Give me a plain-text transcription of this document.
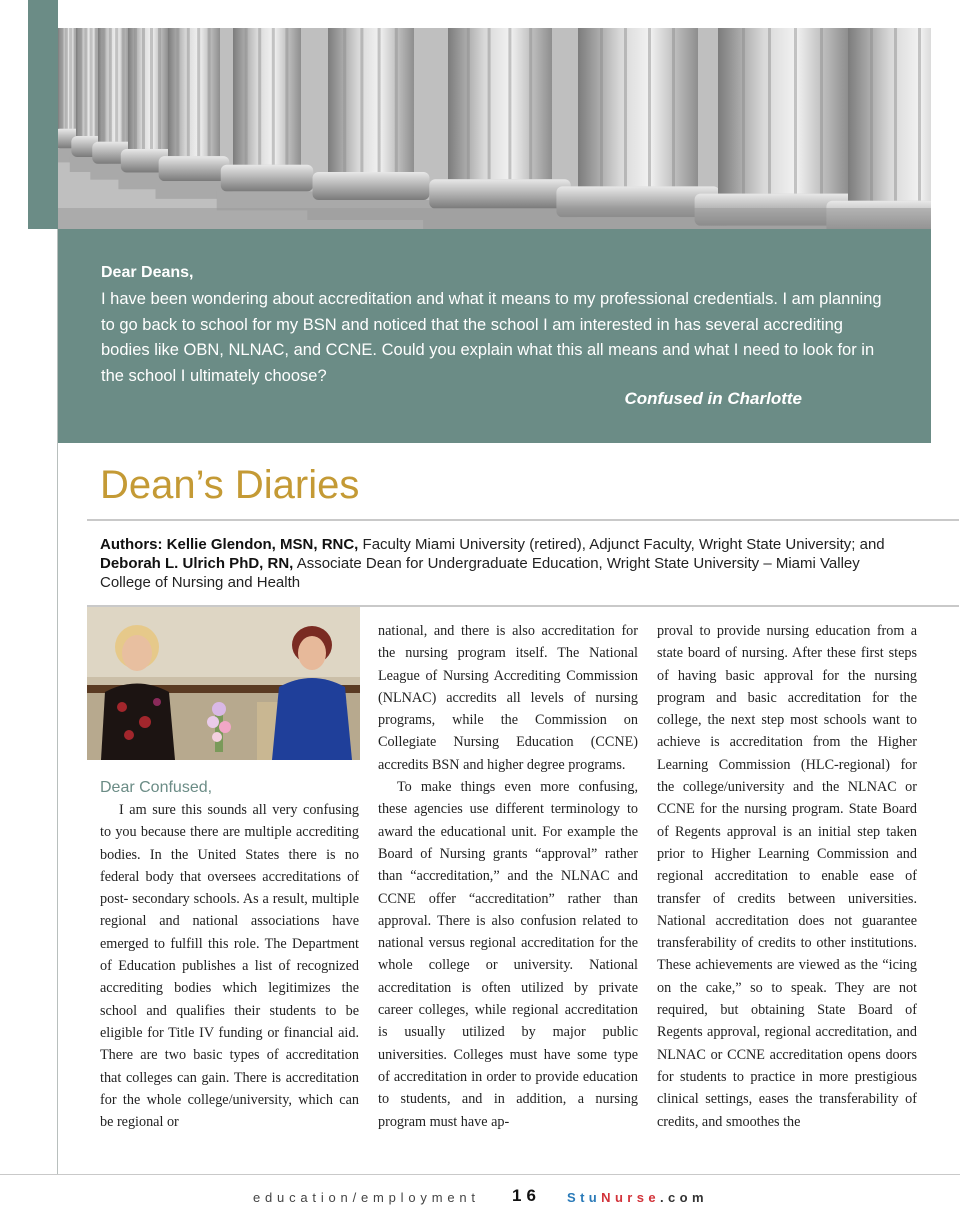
Dear Deans,
I have been wondering about accreditation and what it means to my professional credentials. I am planning to go back to school for my BSN and noticed that the school I am interested in has several accrediting bodies like OBN, NLNAC, and CCNE. Could you explain what this all means and what I need to look for in the school I ultimately choose?
Confused in Charlotte
Dean’s Diaries
Authors: Kellie Glendon, MSN, RNC, Faculty Miami University (retired), Adjunct Faculty, Wright State University; and Deborah L. Ulrich PhD, RN, Associate Dean for Undergraduate Education, Wright State University – Miami Valley College of Nursing and Health
Dear Confused,

I am sure this sounds all very confusing to you because there are multiple accrediting bodies. In the United States there is no federal body that oversees accreditations of post- secondary schools. As a result, multiple regional and national associations have emerged to fulfill this role. The Department of Education publishes a list of recognized accrediting bodies which legitimizes the school and qualifies their students to be eligible for Title IV funding or financial aid. There are two basic types of accreditation that colleges can gain. There is accreditation for the whole college/university, which can be regional or

national, and there is also accreditation for the nursing program itself. The National League of Nursing Accrediting Commission (NLNAC) accredits all levels of nursing programs, while the Commission on Collegiate Nursing Education (CCNE) accredits BSN and higher degree programs.

To make things even more confusing, these agencies use different terminology to award the educational unit. For example the Board of Nursing grants “approval” rather than “accreditation,” and the NLNAC and CCNE offer “accreditation” rather than approval. There is also confusion related to national versus regional accreditation for the whole college or university. National accreditation is often utilized by private career colleges, while regional accreditation is usually utilized by major public universities. Colleges must have some type of accreditation in order to provide education to students, and in addition, a nursing program must have ap-

proval to provide nursing education from a state board of nursing. After these first steps of having basic approval for the nursing program and basic accreditation for the college, the next step most schools want to achieve is accreditation from the Higher Learning Commission (HLC-regional) for the college/university and the NLNAC or CCNE for the nursing program. State Board of Regents approval is an initial step taken prior to Higher Learning Commission and regional accreditation to enable ease of transfer of credits between universities. National accreditation does not guarantee transferability of credits to other institutions. These achievements are viewed as the “icing on the cake,” so to speak. They are not required, but obtaining State Board of Regents approval, regional accreditation, and NLNAC or CCNE accreditation opens doors for students to practice in more prestigious clinical settings, eases the transferability of credits, and smoothes the

education/employment 16 StuNurse.com
